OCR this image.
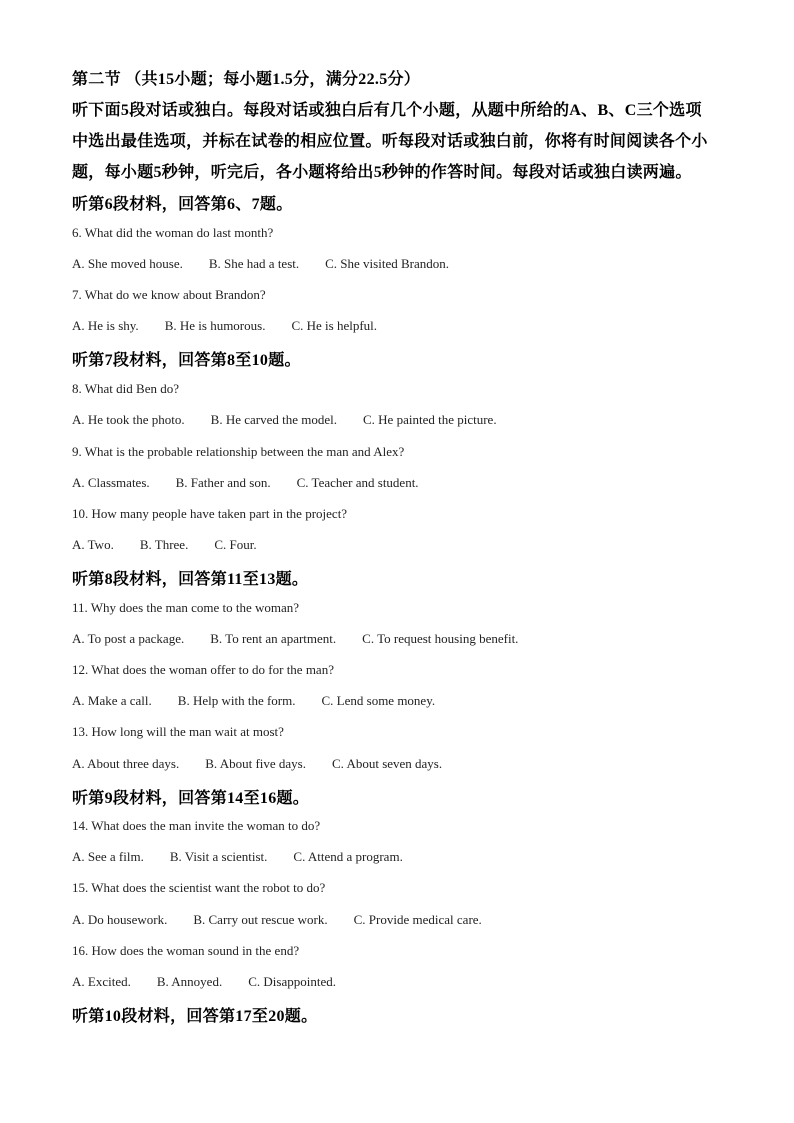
第二节 （共15小题；每小题1.5分，满分22.5分）
听下面5段对话或独白。每段对话或独白后有几个小题，从题中所给的A、B、C三个选项
中选出最佳选项，并标在试卷的相应位置。听每段对话或独白前，你将有时间阅读各个小
题，每小题5秒钟，听完后，各小题将给出5秒钟的作答时间。每段对话或独白读两遍。
听第6段材料，回答第6、7题。
6. What did the woman do last month?
A. She moved house. B. She had a test. C. She visited Brandon.
7. What do we know about Brandon?
A. He is shy. B. He is humorous. C. He is helpful.
听第7段材料，回答第8至10题。
8. What did Ben do?
A. He took the photo. B. He carved the model. C. He painted the picture.
9. What is the probable relationship between the man and Alex?
A. Classmates. B. Father and son. C. Teacher and student.
10. How many people have taken part in the project?
A. Two. B. Three. C. Four.
听第8段材料，回答第11至13题。
11. Why does the man come to the woman?
A. To post a package. B. To rent an apartment. C. To request housing benefit.
12. What does the woman offer to do for the man?
A. Make a call. B. Help with the form. C. Lend some money.
13. How long will the man wait at most?
A. About three days. B. About five days. C. About seven days.
听第9段材料，回答第14至16题。
14. What does the man invite the woman to do?
A. See a film. B. Visit a scientist. C. Attend a program.
15. What does the scientist want the robot to do?
A. Do housework. B. Carry out rescue work. C. Provide medical care.
16. How does the woman sound in the end?
A. Excited. B. Annoyed. C. Disappointed.
听第10段材料，回答第17至20题。
